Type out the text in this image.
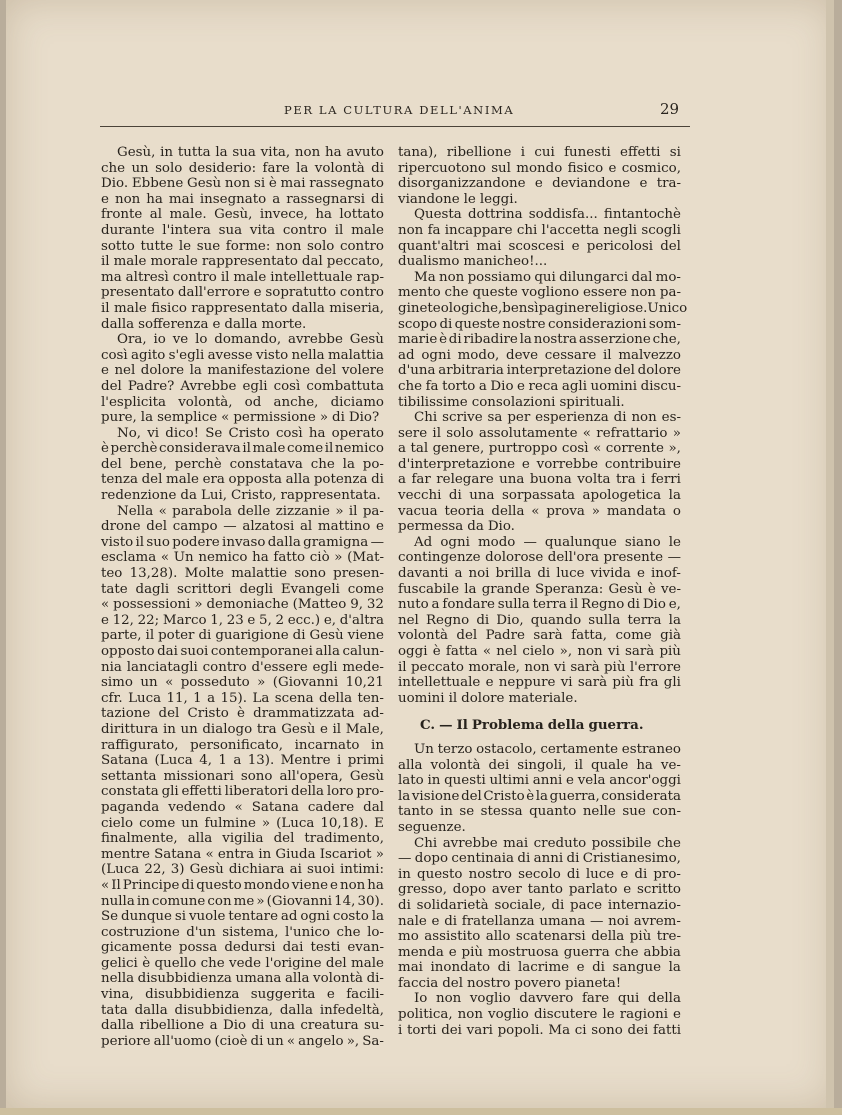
PER LA CULTURA DELL'ANIMA	29
Gesù, in tutta la sua vita, non ha avuto
che un solo desiderio: fare la volontà di
Dio. Ebbene Gesù non si è mai rassegnato
e non ha mai insegnato a rassegnarsi di
fronte al male. Gesù, invece, ha lottato
durante l'intera sua vita contro il male
sotto tutte le sue forme: non solo contro
il male morale rappresentato dal peccato,
ma altresì contro il male intellettuale rap-
presentato dall'errore e sopratutto contro
il male fisico rappresentato dalla miseria,
dalla sofferenza e dalla morte.
Ora, io ve lo domando, avrebbe Gesù
così agito s'egli avesse visto nella malattia
e nel dolore la manifestazione del volere
del Padre? Avrebbe egli così combattuta
l'esplicita volontà, od anche, diciamo
pure, la semplice « permissione » di Dio?
No, vi dico! Se Cristo così ha operato
è perchè considerava il male come il nemico
del bene, perchè constatava che la po-
tenza del male era opposta alla potenza di
redenzione da Lui, Cristo, rappresentata.
Nella « parabola delle zizzanie » il pa-
drone del campo — alzatosi al mattino e
visto il suo podere invaso dalla gramigna —
esclama « Un nemico ha fatto ciò » (Mat-
teo 13,28). Molte malattie sono presen-
tate dagli scrittori degli Evangeli come
« possessioni » demoniache (Matteo 9, 32
e 12, 22; Marco 1, 23 e 5, 2 ecc.) e, d'altra
parte, il poter di guarigione di Gesù viene
opposto dai suoi contemporanei alla calun-
nia lanciatagli contro d'essere egli mede-
simo un « posseduto » (Giovanni 10,21
cfr. Luca 11, 1 a 15). La scena della ten-
tazione del Cristo è drammatizzata ad-
dirittura in un dialogo tra Gesù e il Male,
raffigurato, personificato, incarnato in
Satana (Luca 4, 1 a 13). Mentre i primi
settanta missionari sono all'opera, Gesù
constata gli effetti liberatori della loro pro-
paganda vedendo « Satana cadere dal
cielo come un fulmine » (Luca 10,18). E
finalmente, alla vigilia del tradimento,
mentre Satana « entra in Giuda Iscariot »
(Luca 22, 3) Gesù dichiara ai suoi intimi:
« Il Principe di questo mondo viene e non ha
nulla in comune con me » (Giovanni 14, 30).
Se dunque si vuole tentare ad ogni costo la
costruzione d'un sistema, l'unico che lo-
gicamente possa dedursi dai testi evan-
gelici è quello che vede l'origine del male
nella disubbidienza umana alla volontà di-
vina, disubbidienza suggerita e facili-
tata dalla disubbidienza, dalla infedeltà,
dalla ribellione a Dio di una creatura su-
periore all'uomo (cioè di un « angelo », Sa-
tana), ribellione i cui funesti effetti si
ripercuotono sul mondo fisico e cosmico,
disorganizzandone e deviandone e tra-
viandone le leggi.
Questa dottrina soddisfa... fintantochè
non fa incappare chi l'accetta negli scogli
quant'altri mai scoscesi e pericolosi del
dualismo manicheo!...
Ma non possiamo qui dilungarci dal mo-
mento che queste vogliono essere non pa-
gine teologiche, bensì pagine religiose. Unico
scopo di queste nostre considerazioni som-
marie è di ribadire la nostra asserzione che,
ad ogni modo, deve cessare il malvezzo
d'una arbitraria interpretazione del dolore
che fa torto a Dio e reca agli uomini discu-
tibilissime consolazioni spirituali.
Chi scrive sa per esperienza di non es-
sere il solo assolutamente « refrattario »
a tal genere, purtroppo così « corrente »,
d'interpretazione e vorrebbe contribuire
a far relegare una buona volta tra i ferri
vecchi di una sorpassata apologetica la
vacua teoria della « prova » mandata o
permessa da Dio.
Ad ogni modo — qualunque siano le
contingenze dolorose dell'ora presente —
davanti a noi brilla di luce vivida e inof-
fuscabile la grande Speranza: Gesù è ve-
nuto a fondare sulla terra il Regno di Dio e,
nel Regno di Dio, quando sulla terra la
volontà del Padre sarà fatta, come già
oggi è fatta « nel cielo », non vi sarà più
il peccato morale, non vi sarà più l'errore
intellettuale e neppure vi sarà più fra gli
uomini il dolore materiale.
C. — Il Problema della guerra.
Un terzo ostacolo, certamente estraneo
alla volontà dei singoli, il quale ha ve-
lato in questi ultimi anni e vela ancor'oggi
la visione del Cristo è la guerra, considerata
tanto in se stessa quanto nelle sue con-
seguenze.
Chi avrebbe mai creduto possibile che
— dopo centinaia di anni di Cristianesimo,
in questo nostro secolo di luce e di pro-
gresso, dopo aver tanto parlato e scritto
di solidarietà sociale, di pace internazio-
nale e di fratellanza umana — noi avrem-
mo assistito allo scatenarsi della più tre-
menda e più mostruosa guerra che abbia
mai inondato di lacrime e di sangue la
faccia del nostro povero pianeta!
Io non voglio davvero fare qui della
politica, non voglio discutere le ragioni e
i torti dei vari popoli. Ma ci sono dei fatti
